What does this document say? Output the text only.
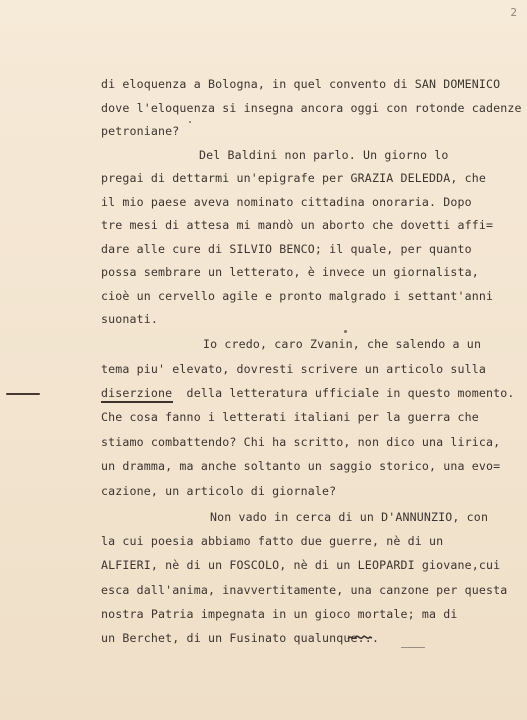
2
di eloquenza a Bologna, in quel convento di SAN DOMENICO
dove l'eloquenza si insegna ancora oggi con rotonde cadenze
petroniane?
Del Baldini non parlo. Un giorno lo
pregai di dettarmi un'epigrafe per GRAZIA DELEDDA, che
il mio paese aveva nominato cittadina onoraria. Dopo
tre mesi di attesa mi mandò un aborto che dovetti affi=
dare alle cure di SILVIO BENCO; il quale, per quanto
possa sembrare un letterato, è invece un giornalista,
cioè un cervello agile e pronto malgrado i settant'anni
suonati.
Io credo, caro Zvanin, che salendo a un
tema piu' elevato, dovresti scrivere un articolo sulla
diserzione  della letteratura ufficiale in questo momento.
Che cosa fanno i letterati italiani per la guerra che
stiamo combattendo? Chi ha scritto, non dico una lirica,
un dramma, ma anche soltanto un saggio storico, una evo=
cazione, un articolo di giornale?
Non vado in cerca di un D'ANNUNZIO, con
la cui poesia abbiamo fatto due guerre, nè di un
ALFIERI, nè di un FOSCOLO, nè di un LEOPARDI giovane,cui
esca dall'anima, inavvertitamente, una canzone per questa
nostra Patria impegnata in un gioco mortale; ma di
un Berchet, di un Fusinato qualunque...
